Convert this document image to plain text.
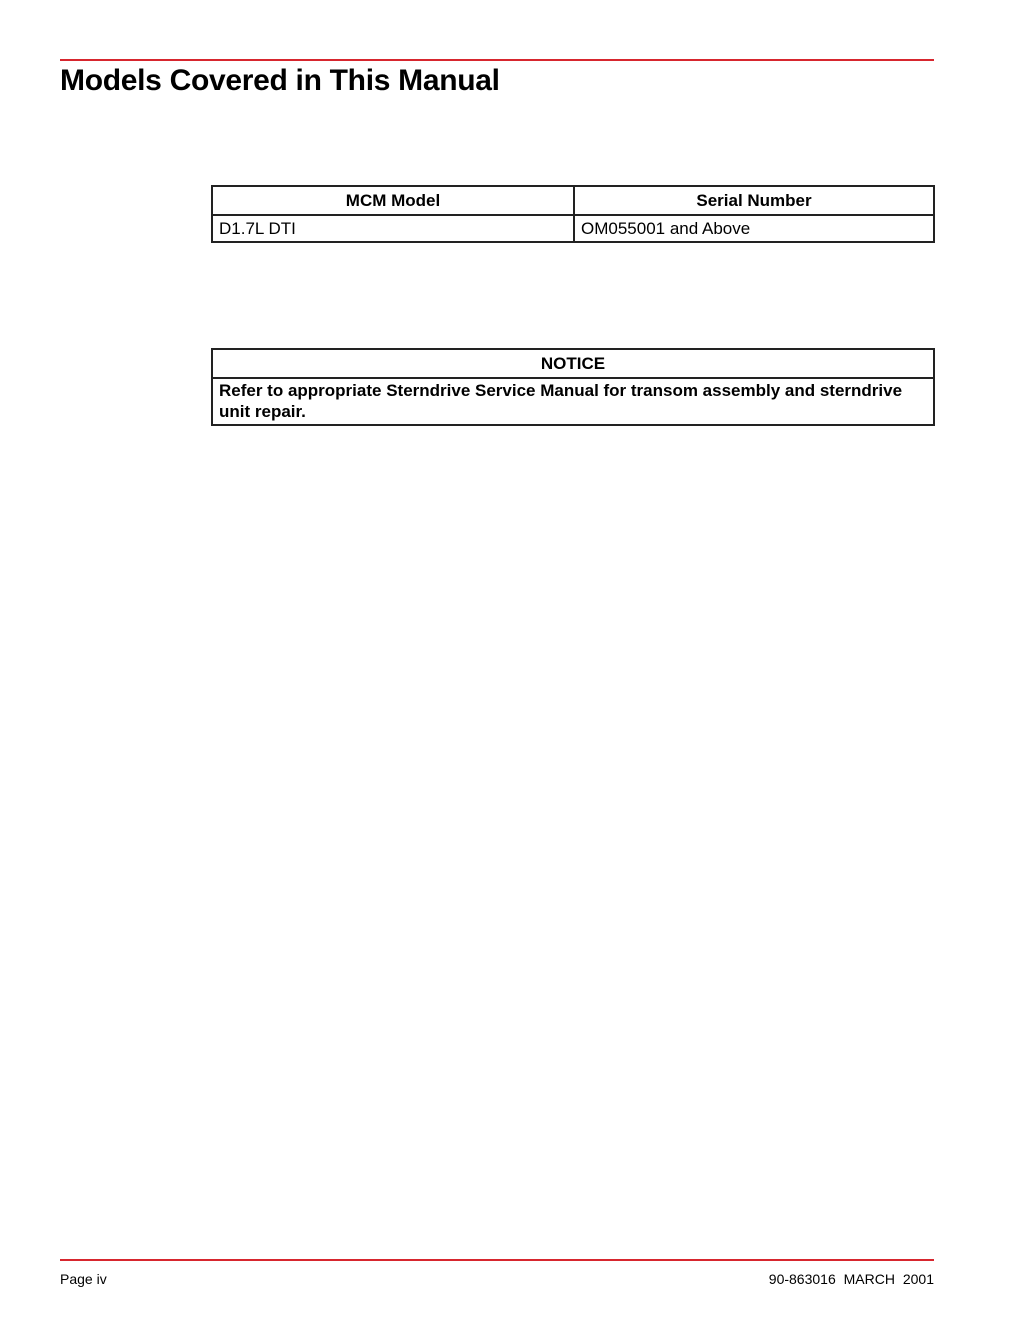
Models Covered in This Manual
MCM Model	Serial Number
D1.7L DTI	OM055001 and Above
NOTICE
Refer to appropriate Sterndrive Service Manual for transom assembly and sterndrive unit repair.
Page iv	90-863016 MARCH 2001
